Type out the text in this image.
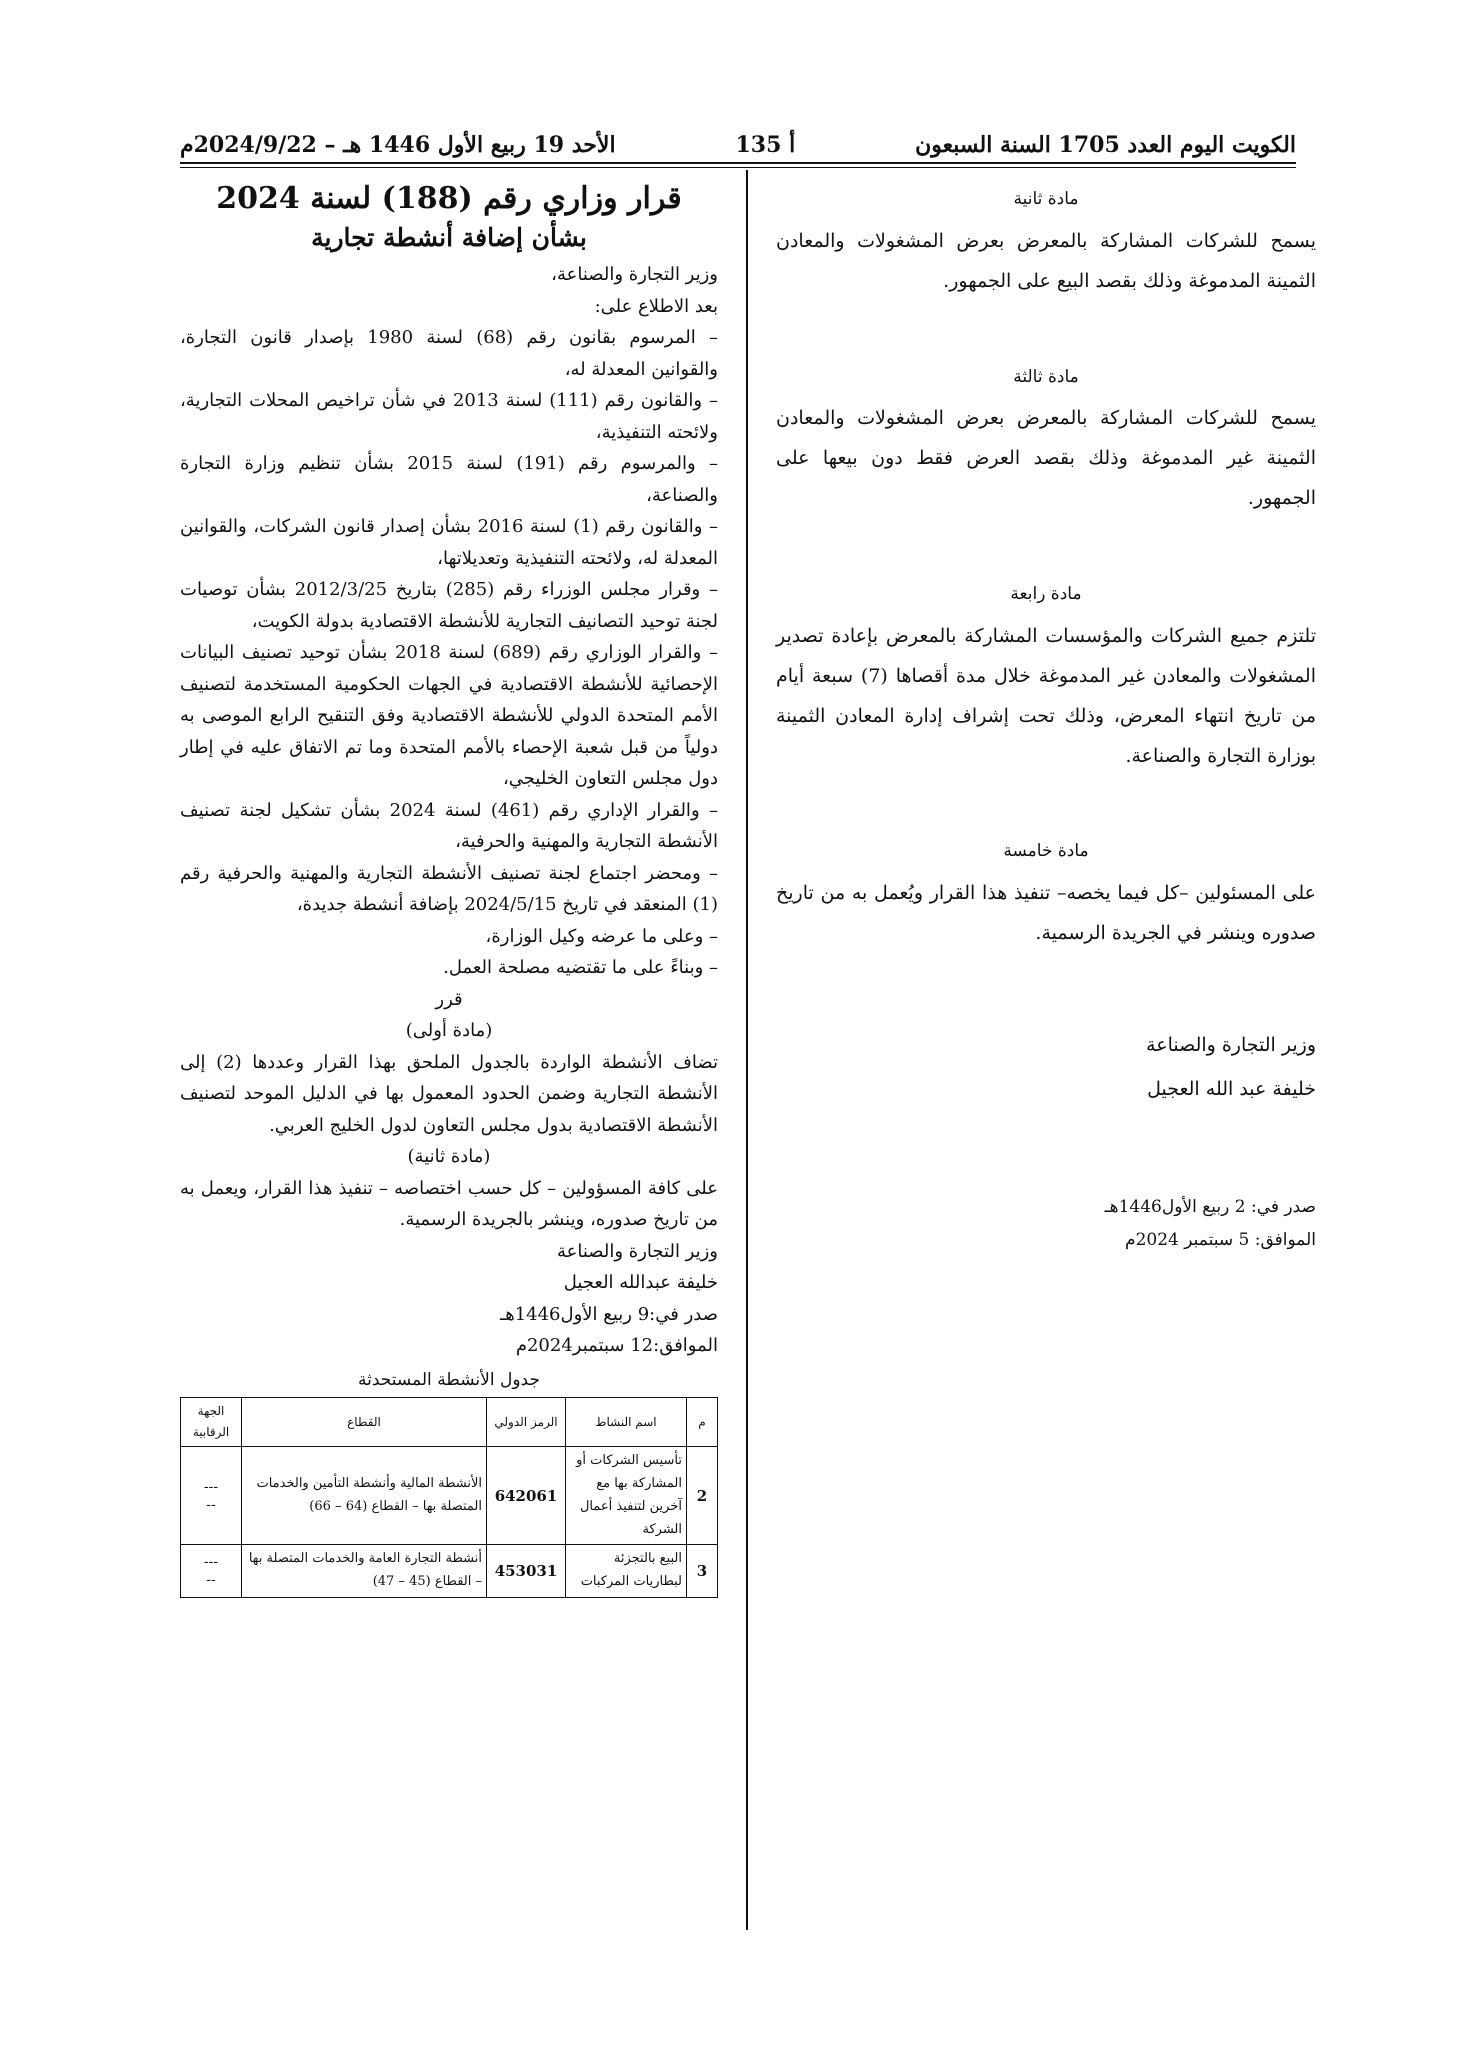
الكويت اليوم العدد 1705 السنة السبعون
أ 135
الأحد 19 ربيع الأول 1446 هـ – 2024/9/22م
مادة ثانية

يسمح للشركات المشاركة بالمعرض بعرض المشغولات والمعادن الثمينة المدموغة وذلك بقصد البيع على الجمهور.

مادة ثالثة

يسمح للشركات المشاركة بالمعرض بعرض المشغولات والمعادن الثمينة غير المدموغة وذلك بقصد العرض فقط دون بيعها على الجمهور.

مادة رابعة

تلتزم جميع الشركات والمؤسسات المشاركة بالمعرض بإعادة تصدير المشغولات والمعادن غير المدموغة خلال مدة أقصاها (7) سبعة أيام من تاريخ انتهاء المعرض، وذلك تحت إشراف إدارة المعادن الثمينة بوزارة التجارة والصناعة.

مادة خامسة

على المسئولين –كل فيما يخصه– تنفيذ هذا القرار ويُعمل به من تاريخ صدوره وينشر في الجريدة الرسمية.

وزير التجارة والصناعة
خليفة عبد الله العجيل
صدر في: 2 ربيع الأول1446هـ
الموافق: 5 سبتمبر 2024م
قرار وزاري رقم (188) لسنة 2024
بشأن إضافة أنشطة تجارية

وزير التجارة والصناعة،

بعد الاطلاع على:

– المرسوم بقانون رقم (68) لسنة 1980 بإصدار قانون التجارة، والقوانين المعدلة له،

– والقانون رقم (111) لسنة 2013 في شأن تراخيص المحلات التجارية، ولائحته التنفيذية،

– والمرسوم رقم (191) لسنة 2015 بشأن تنظيم وزارة التجارة والصناعة،

– والقانون رقم (1) لسنة 2016 بشأن إصدار قانون الشركات، والقوانين المعدلة له، ولائحته التنفيذية وتعديلاتها،

– وقرار مجلس الوزراء رقم (285) بتاريخ 2012/3/25 بشأن توصيات لجنة توحيد التصانيف التجارية للأنشطة الاقتصادية بدولة الكويت،

– والقرار الوزاري رقم (689) لسنة 2018 بشأن توحيد تصنيف البيانات الإحصائية للأنشطة الاقتصادية في الجهات الحكومية المستخدمة لتصنيف الأمم المتحدة الدولي للأنشطة الاقتصادية وفق التنقيح الرابع الموصى به دولياً من قبل شعبة الإحصاء بالأمم المتحدة وما تم الاتفاق عليه في إطار دول مجلس التعاون الخليجي،

– والقرار الإداري رقم (461) لسنة 2024 بشأن تشكيل لجنة تصنيف الأنشطة التجارية والمهنية والحرفية،

– ومحضر اجتماع لجنة تصنيف الأنشطة التجارية والمهنية والحرفية رقم (1) المنعقد في تاريخ 2024/5/15 بإضافة أنشطة جديدة،

– وعلى ما عرضه وكيل الوزارة،

– وبناءً على ما تقتضيه مصلحة العمل.

قرر

(مادة أولى)

تضاف الأنشطة الواردة بالجدول الملحق بهذا القرار وعددها (2) إلى الأنشطة التجارية وضمن الحدود المعمول بها في الدليل الموحد لتصنيف الأنشطة الاقتصادية بدول مجلس التعاون لدول الخليج العربي.

(مادة ثانية)

على كافة المسؤولين – كل حسب اختصاصه – تنفيذ هذا القرار، ويعمل به من تاريخ صدوره، وينشر بالجريدة الرسمية.

وزير التجارة والصناعة

خليفة عبدالله العجيل

صدر في:9 ربيع الأول1446هـ

الموافق:12 سبتمبر2024م

جدول الأنشطة المستحدثة
م	اسم النشاط	الرمز الدولي	القطاع	الجهة الرقابية
2	تأسيس الشركات أو المشاركة بها مع آخرين لتنفيذ أعمال الشركة	642061	الأنشطة المالية وأنشطة التأمين والخدمات المتصلة بها – القطاع (64 – 66)	---
--

3	البيع بالتجزئة لبطاريات المركبات	453031	أنشطة التجارة العامة والخدمات المتصلة بها – القطاع (45 – 47)	---
--
